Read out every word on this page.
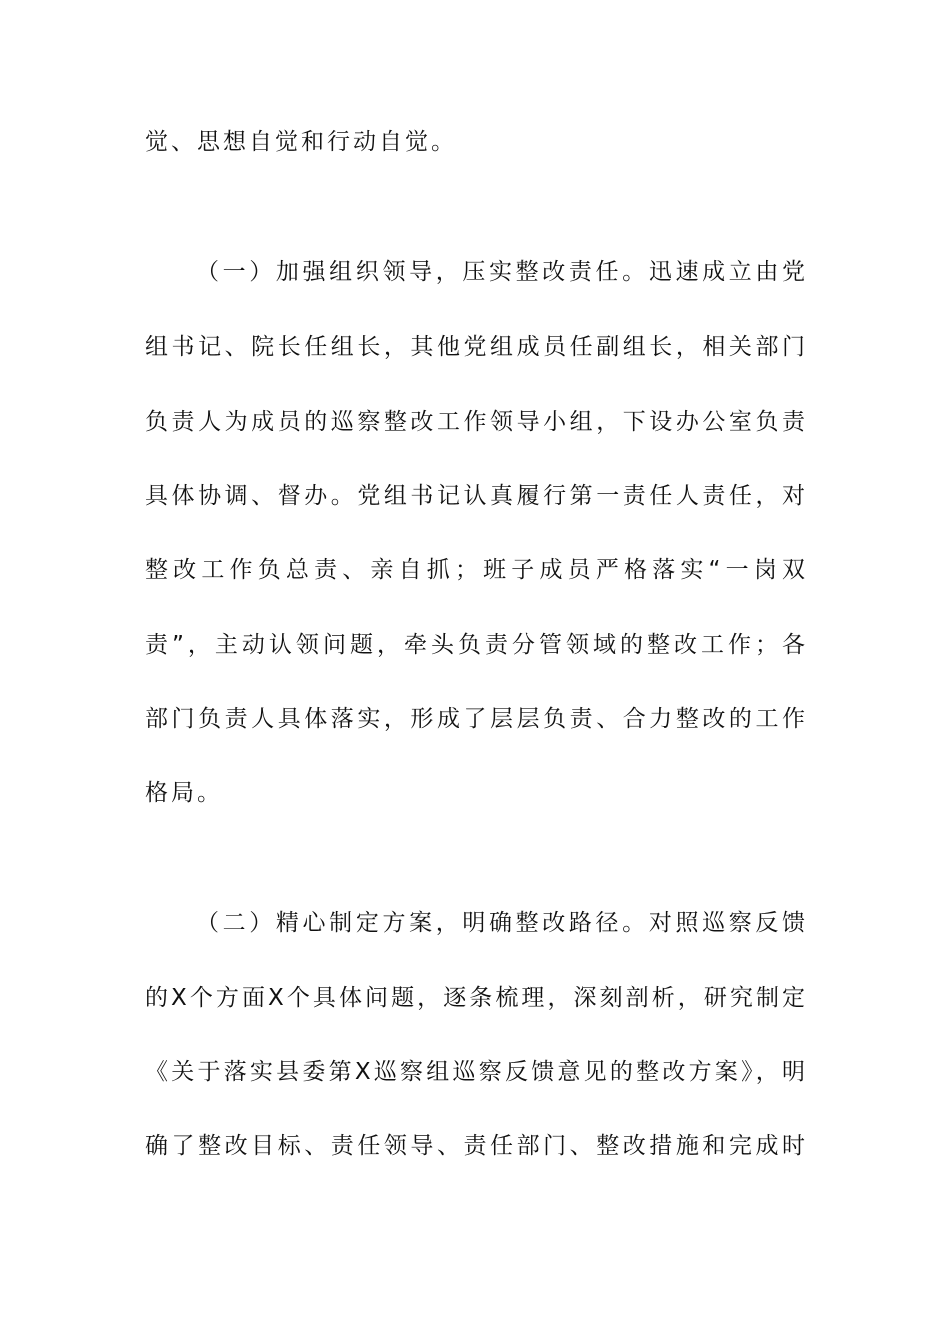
觉、思想自觉和行动自觉。
（一）加强组织领导，压实整改责任。迅速成立由党
组书记、院长任组长，其他党组成员任副组长，相关部门
负责人为成员的巡察整改工作领导小组，下设办公室负责
具体协调、督办。党组书记认真履行第一责任人责任，对
整改工作负总责、亲自抓；班子成员严格落实“一岗双
责”，主动认领问题，牵头负责分管领域的整改工作；各
部门负责人具体落实，形成了层层负责、合力整改的工作
格局。
（二）精心制定方案，明确整改路径。对照巡察反馈
的X个方面X个具体问题，逐条梳理，深刻剖析，研究制定
《关于落实县委第X巡察组巡察反馈意见的整改方案》，明
确了整改目标、责任领导、责任部门、整改措施和完成时
